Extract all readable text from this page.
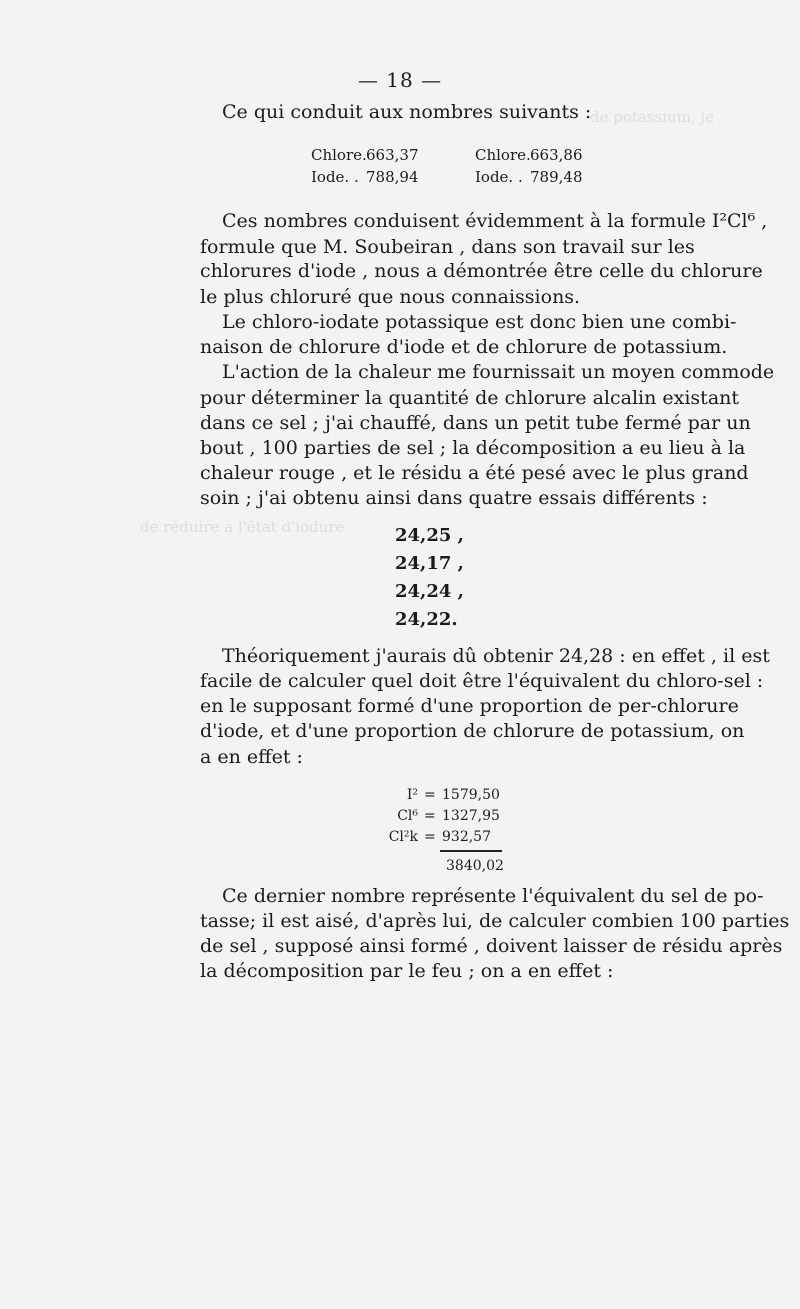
de potassium, je
de réduire à l'état d'iodure
— 18 —
Ce qui conduit aux nombres suivants :
Chlore.663,37	Chlore.663,86
Iode. . 788,94	Iode. . 789,48
Ces nombres conduisent évidemment à la formule I²Cl⁶ ,
formule que M. Soubeiran , dans son travail sur les
chlorures d'iode , nous a démontrée être celle du chlorure
le plus chloruré que nous connaissions.
Le chloro-iodate potassique est donc bien une combi-
naison de chlorure d'iode et de chlorure de potassium.
L'action de la chaleur me fournissait un moyen commode
pour déterminer la quantité de chlorure alcalin existant
dans ce sel ; j'ai chauffé, dans un petit tube fermé par un
bout , 100 parties de sel ; la décomposition a eu lieu à la
chaleur rouge , et le résidu a été pesé avec le plus grand
soin ; j'ai obtenu ainsi dans quatre essais différents :
24,25 ,
24,17 ,
24,24 ,
24,22.
Théoriquement j'aurais dû obtenir 24,28 : en effet , il est
facile de calculer quel doit être l'équivalent du chloro-sel :
en le supposant formé d'une proportion de per-chlorure
d'iode, et d'une proportion de chlorure de potassium, on
a en effet :
I² = 1579,50
Cl⁶ = 1327,95
Cl²k = 932,57
3840,02
Ce dernier nombre représente l'équivalent du sel de po-
tasse; il est aisé, d'après lui, de calculer combien 100 parties
de sel , supposé ainsi formé , doivent laisser de résidu après
la décomposition par le feu ; on a en effet :
